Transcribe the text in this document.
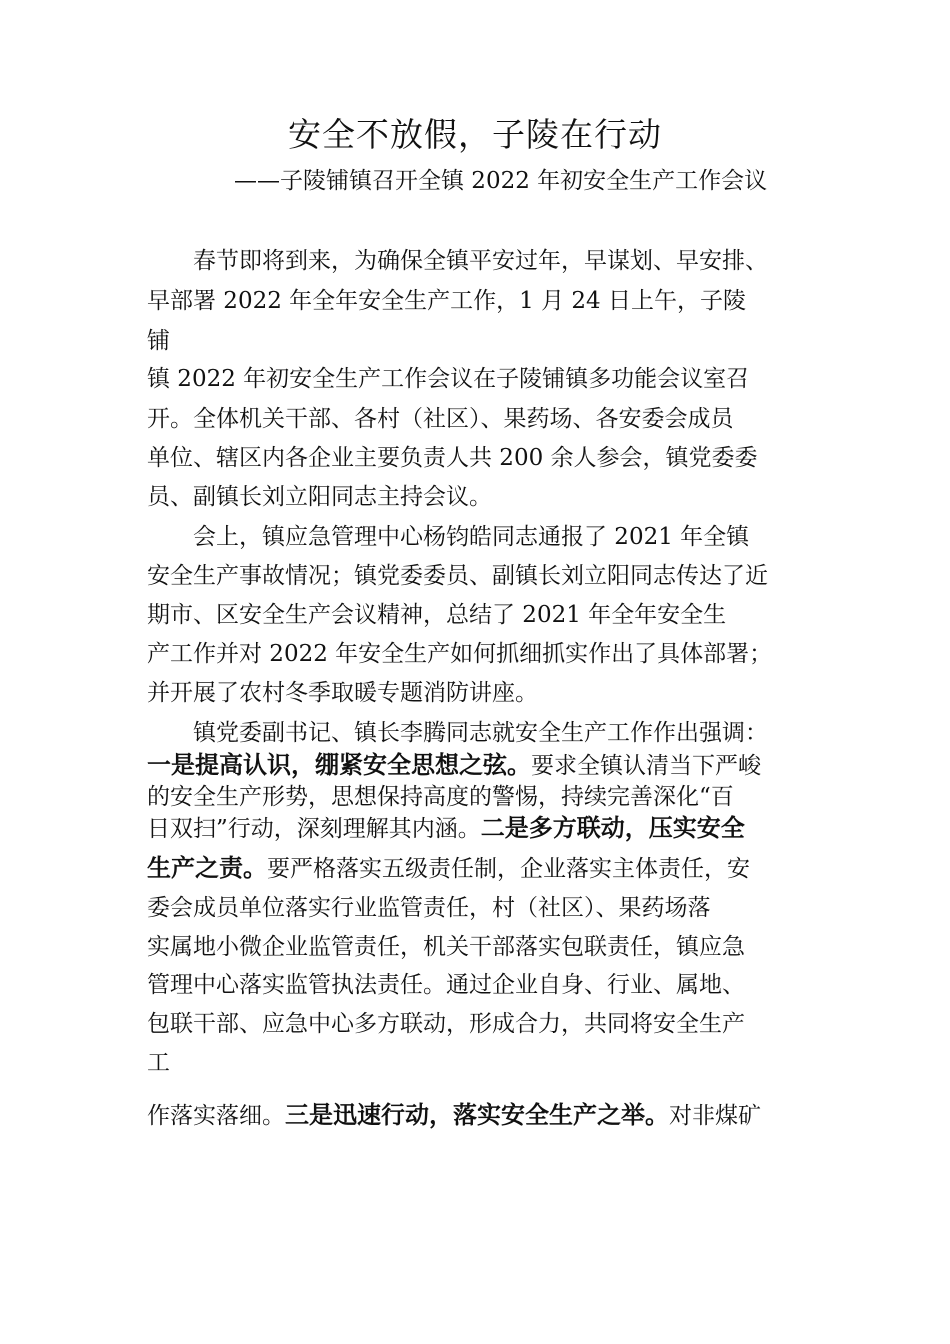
安全不放假，子陵在行动
——子陵铺镇召开全镇 2022 年初安全生产工作会议

春节即将到来，为确保全镇平安过年，早谋划、早安排、

早部署 2022 年全年安全生产工作，1 月 24 日上午，子陵

铺

镇 2022 年初安全生产工作会议在子陵铺镇多功能会议室召

开。全体机关干部、各村（社区）、果药场、各安委会成员

单位、辖区内各企业主要负责人共 200 余人参会，镇党委委

员、副镇长刘立阳同志主持会议。

会上，镇应急管理中心杨钧皓同志通报了 2021 年全镇

安全生产事故情况；镇党委委员、副镇长刘立阳同志传达了近

期市、区安全生产会议精神，总结了 2021 年全年安全生

产工作并对 2022 年安全生产如何抓细抓实作出了具体部署；

并开展了农村冬季取暖专题消防讲座。

镇党委副书记、镇长李腾同志就安全生产工作作出强调：

一是提高认识，绷紧安全思想之弦。要求全镇认清当下严峻

的安全生产形势，思想保持高度的警惕，持续完善深化“百

日双扫”行动，深刻理解其内涵。二是多方联动，压实安全

生产之责。要严格落实五级责任制，企业落实主体责任，安

委会成员单位落实行业监管责任，村（社区）、果药场落

实属地小微企业监管责任，机关干部落实包联责任，镇应急

管理中心落实监管执法责任。通过企业自身、行业、属地、

包联干部、应急中心多方联动，形成合力，共同将安全生产

工

作落实落细。三是迅速行动，落实安全生产之举。对非煤矿
